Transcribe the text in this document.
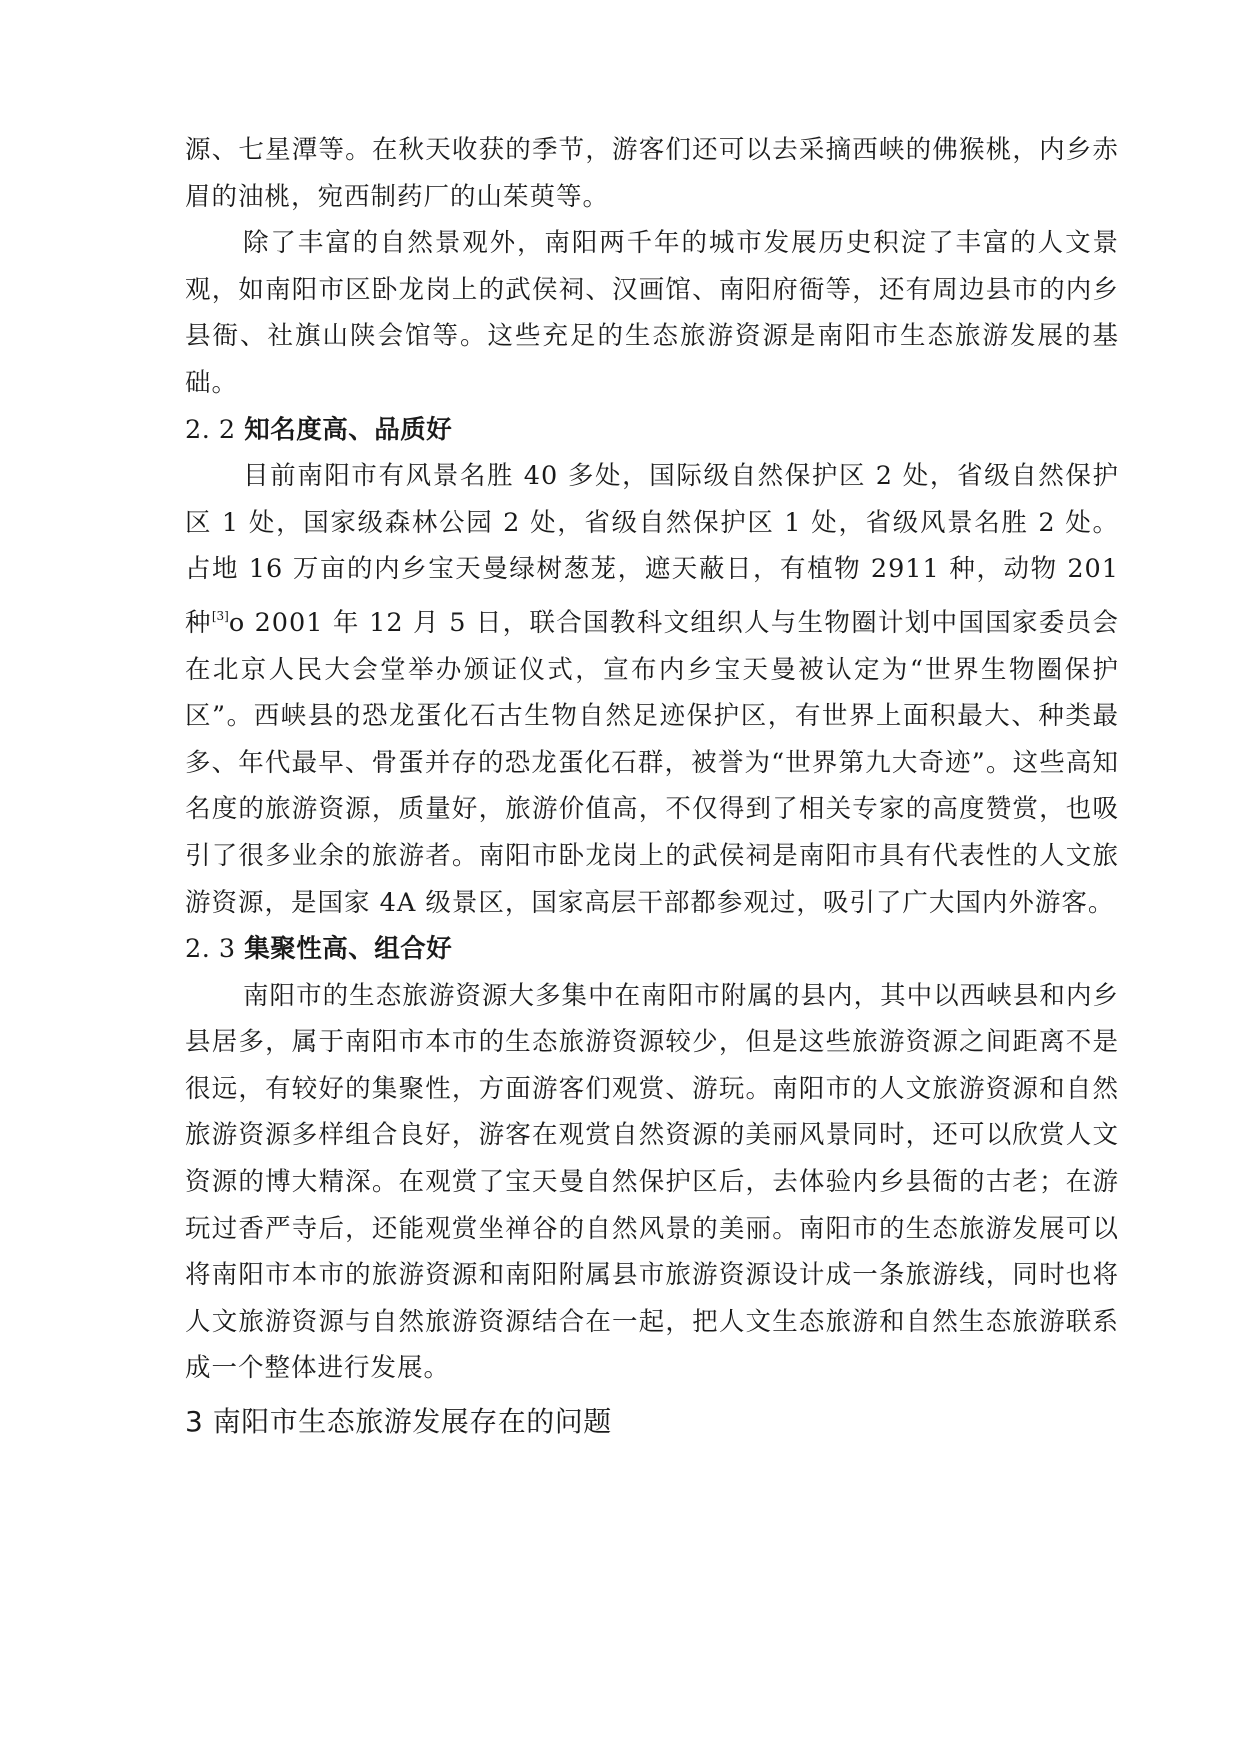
源、七星潭等。在秋天收获的季节，游客们还可以去采摘西峡的佛猴桃，内乡赤眉的油桃，宛西制药厂的山茱萸等。

除了丰富的自然景观外，南阳两千年的城市发展历史积淀了丰富的人文景观，如南阳市区卧龙岗上的武侯祠、汉画馆、南阳府衙等，还有周边县市的内乡县衙、社旗山陕会馆等。这些充足的生态旅游资源是南阳市生态旅游发展的基础。

2. 2 知名度高、品质好

目前南阳市有风景名胜 40 多处，国际级自然保护区 2 处，省级自然保护区 1 处，国家级森林公园 2 处，省级自然保护区 1 处，省级风景名胜 2 处。占地 16 万亩的内乡宝天曼绿树葱茏，遮天蔽日，有植物 2911 种，动物 201 种[3]o 2001 年 12 月 5 日，联合国教科文组织人与生物圈计划中国国家委员会在北京人民大会堂举办颁证仪式，宣布内乡宝天曼被认定为“世界生物圈保护区”。西峡县的恐龙蛋化石古生物自然足迹保护区，有世界上面积最大、种类最多、年代最早、骨蛋并存的恐龙蛋化石群，被誉为“世界第九大奇迹”。这些高知名度的旅游资源，质量好，旅游价值高，不仅得到了相关专家的高度赞赏，也吸引了很多业余的旅游者。南阳市卧龙岗上的武侯祠是南阳市具有代表性的人文旅游资源，是国家 4A 级景区，国家高层干部都参观过，吸引了广大国内外游客。

2. 3 集聚性高、组合好

南阳市的生态旅游资源大多集中在南阳市附属的县内，其中以西峡县和内乡县居多，属于南阳市本市的生态旅游资源较少，但是这些旅游资源之间距离不是很远，有较好的集聚性，方面游客们观赏、游玩。南阳市的人文旅游资源和自然旅游资源多样组合良好，游客在观赏自然资源的美丽风景同时，还可以欣赏人文资源的博大精深。在观赏了宝天曼自然保护区后，去体验内乡县衙的古老；在游玩过香严寺后，还能观赏坐禅谷的自然风景的美丽。南阳市的生态旅游发展可以将南阳市本市的旅游资源和南阳附属县市旅游资源设计成一条旅游线，同时也将人文旅游资源与自然旅游资源结合在一起，把人文生态旅游和自然生态旅游联系成一个整体进行发展。

3 南阳市生态旅游发展存在的问题
